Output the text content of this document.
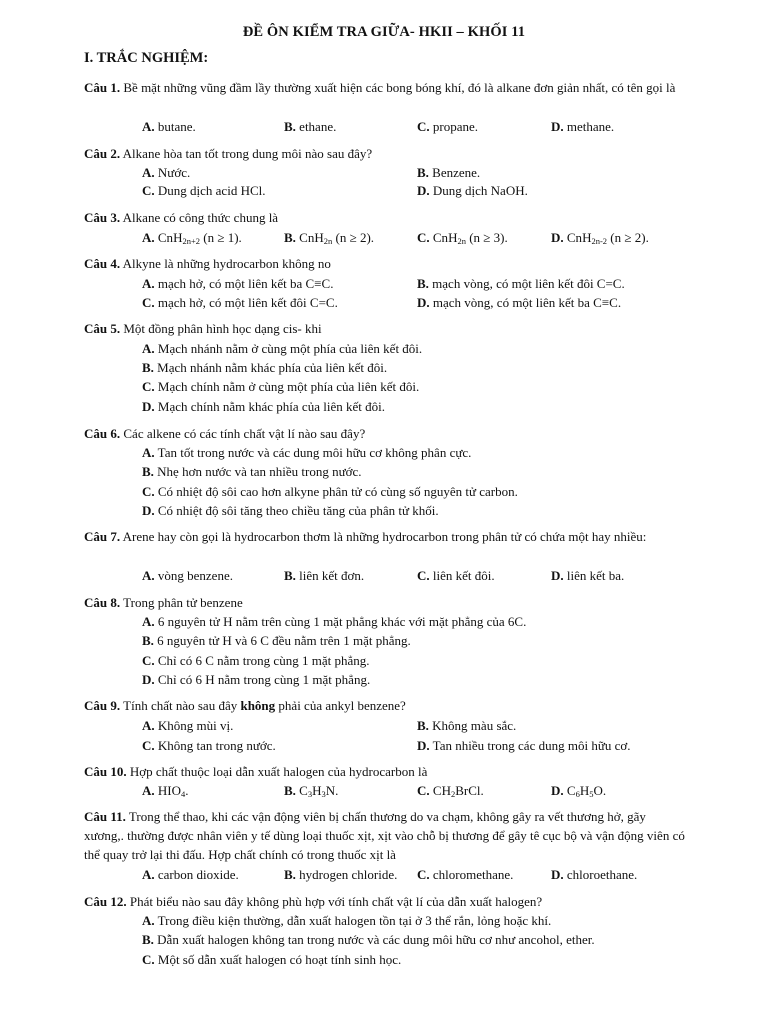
ĐỀ ÔN KIỂM TRA GIỮA- HKII – KHỐI 11
I. TRẮC NGHIỆM:
Câu 1. Bề mặt những vũng đầm lầy thường xuất hiện các bong bóng khí, đó là alkane đơn giản nhất, có tên gọi là
A. butane.	B. ethane.	C. propane.	D. methane.
Câu 2. Alkane hòa tan tốt trong dung môi nào sau đây?
A. Nước.	B. Benzene.
C. Dung dịch acid HCl.	D. Dung dịch NaOH.
Câu 3. Alkane có công thức chung là
A. CnH$_{2n+2}$ (n ≥ 1).	B. CnH$_{2n}$ (n ≥ 2).	C. CnH$_{2n}$ (n ≥ 3).	D. CnH$_{2n-2}$ (n ≥ 2).
Câu 4. Alkyne là những hydrocarbon không no
A. mạch hở, có một liên kết ba C≡C.	B. mạch vòng, có một liên kết đôi C=C.
C. mạch hở, có một liên kết đôi C=C.	D. mạch vòng, có một liên kết ba C≡C.
Câu 5. Một đồng phân hình học dạng cis- khi
A. Mạch nhánh nằm ở cùng một phía của liên kết đôi.
B. Mạch nhánh nằm khác phía của liên kết đôi.
C. Mạch chính nằm ở cùng một phía của liên kết đôi.
D. Mạch chính nằm khác phía của liên kết đôi.
Câu 6. Các alkene có các tính chất vật lí nào sau đây?
A. Tan tốt trong nước và các dung môi hữu cơ không phân cực.
B. Nhẹ hơn nước và tan nhiều trong nước.
C. Có nhiệt độ sôi cao hơn alkyne phân tử có cùng số nguyên tử carbon.
D. Có nhiệt độ sôi tăng theo chiều tăng của phân tử khối.
Câu 7. Arene hay còn gọi là hydrocarbon thơm là những hydrocarbon trong phân tử có chứa một hay nhiều:
A. vòng benzene.	B. liên kết đơn.	C. liên kết đôi.	D. liên kết ba.
Câu 8. Trong phân tử benzene
A. 6 nguyên tử H nằm trên cùng 1 mặt phẳng khác với mặt phẳng của 6C.
B. 6 nguyên tử H và 6 C đều nằm trên 1 mặt phẳng.
C. Chỉ có 6 C nằm trong cùng 1 mặt phẳng.
D. Chỉ có 6 H nằm trong cùng 1 mặt phẳng.
Câu 9. Tính chất nào sau đây không phải của ankyl benzene?
A. Không mùi vị.	B. Không màu sắc.
C. Không tan trong nước.	D. Tan nhiều trong các dung môi hữu cơ.
Câu 10. Hợp chất thuộc loại dẫn xuất halogen của hydrocarbon là
A. $HIO_4$.	B. $C_3H_3N$.	C. $CH_2BrCl$.	D. $C_6H_5O$.
Câu 11. Trong thể thao, khi các vận động viên bị chấn thương do va chạm, không gây ra vết thương hở, gãy xương,. thường được nhân viên y tế dùng loại thuốc xịt, xịt vào chỗ bị thương để gây tê cục bộ và vận động viên có thể quay trở lại thi đấu. Hợp chất chính có trong thuốc xịt là
A. carbon dioxide.	B. hydrogen chloride. C. chloromethane.	D. chloroethane.
Câu 12. Phát biểu nào sau đây không phù hợp với tính chất vật lí của dẫn xuất halogen?
A. Trong điều kiện thường, dẫn xuất halogen tồn tại ở 3 thể rắn, lỏng hoặc khí.
B. Dẫn xuất halogen không tan trong nước và các dung môi hữu cơ như ancohol, ether.
C. Một số dẫn xuất halogen có hoạt tính sinh học.
